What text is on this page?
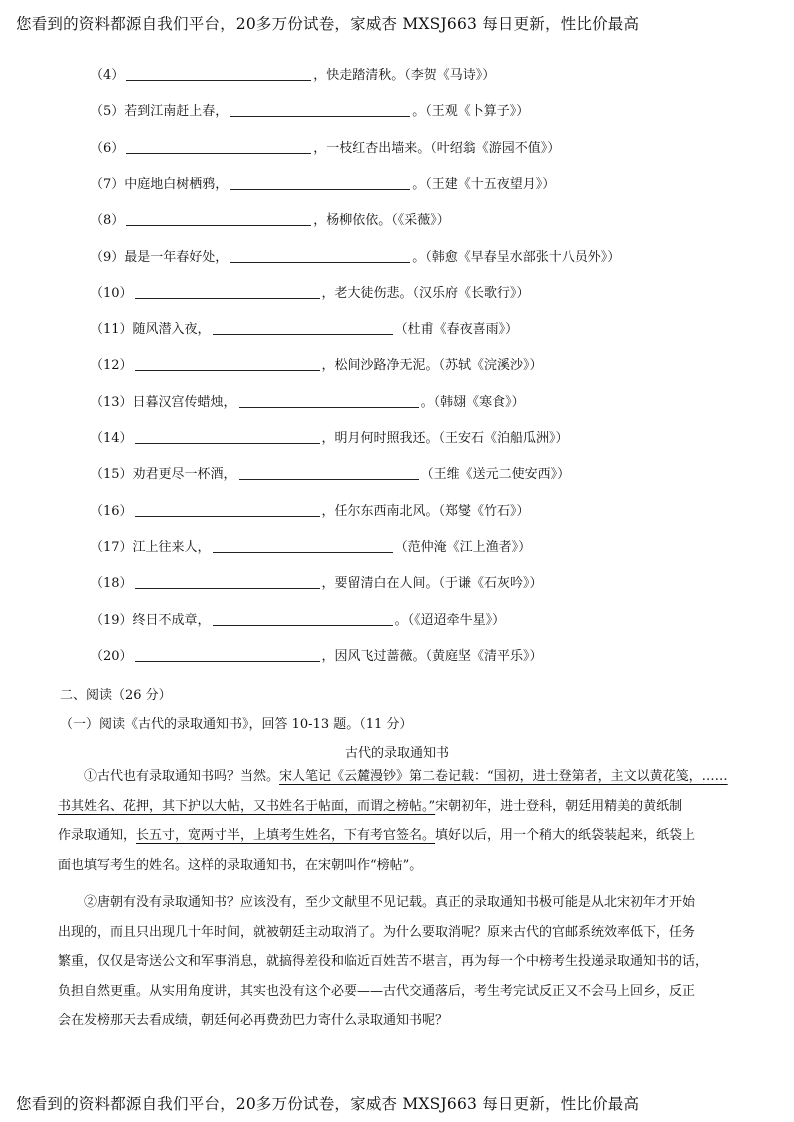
您看到的资料都源自我们平台，20多万份试卷，家威杏 MXSJ663 每日更新，性比价最高
（4）	，快走踏清秋。（李贺《马诗》）
（5）若到江南赶上春，	。（王观《卜算子》）
（6）	，一枝红杏出墙来。（叶绍翁《游园不值》）
（7）中庭地白树栖鸦，	。（王建《十五夜望月》）
（8）	，杨柳依依。（《采薇》）
（9）最是一年春好处，	。（韩愈《早春呈水部张十八员外》）
（10）	，老大徒伤悲。（汉乐府《长歌行》）
（11）随风潜入夜，	（杜甫《春夜喜雨》）
（12）	，松间沙路净无泥。（苏轼《浣溪沙》）
（13）日暮汉宫传蜡烛，	。（韩翃《寒食》）
（14）	，明月何时照我还。（王安石《泊船瓜洲》）
（15）劝君更尽一杯酒，	（王维《送元二使安西》）
（16）	，任尔东西南北风。（郑燮《竹石》）
（17）江上往来人，	（范仲淹《江上渔者》）
（18）	，要留清白在人间。（于谦《石灰吟》）
（19）终日不成章，	。（《迢迢牵牛星》）
（20）	，因风飞过蔷薇。（黄庭坚《清平乐》）
二、阅读（26 分）
（一）阅读《古代的录取通知书》，回答 10-13 题。（11 分）
古代的录取通知书
①古代也有录取通知书吗？当然。宋人笔记《云麓漫钞》第二卷记载：“国初，进士登第者，主文以黄花笺，……
书其姓名、花押，其下护以大帖，又书姓名于帖面，而谓之榜帖。”宋朝初年，进士登科，朝廷用精美的黄纸制
作录取通知，长五寸，宽两寸半，上填考生姓名，下有考官签名。填好以后，用一个稍大的纸袋装起来，纸袋上
面也填写考生的姓名。这样的录取通知书，在宋朝叫作“榜帖”。
②唐朝有没有录取通知书？应该没有，至少文献里不见记载。真正的录取通知书极可能是从北宋初年才开始
出现的，而且只出现几十年时间，就被朝廷主动取消了。为什么要取消呢？原来古代的官邮系统效率低下，任务
繁重，仅仅是寄送公文和军事消息，就搞得差役和临近百姓苦不堪言，再为每一个中榜考生投递录取通知书的话，
负担自然更重。从实用角度讲，其实也没有这个必要——古代交通落后，考生考完试反正又不会马上回乡，反正
会在发榜那天去看成绩，朝廷何必再费劲巴力寄什么录取通知书呢？
您看到的资料都源自我们平台，20多万份试卷，家威杏 MXSJ663 每日更新，性比价最高
